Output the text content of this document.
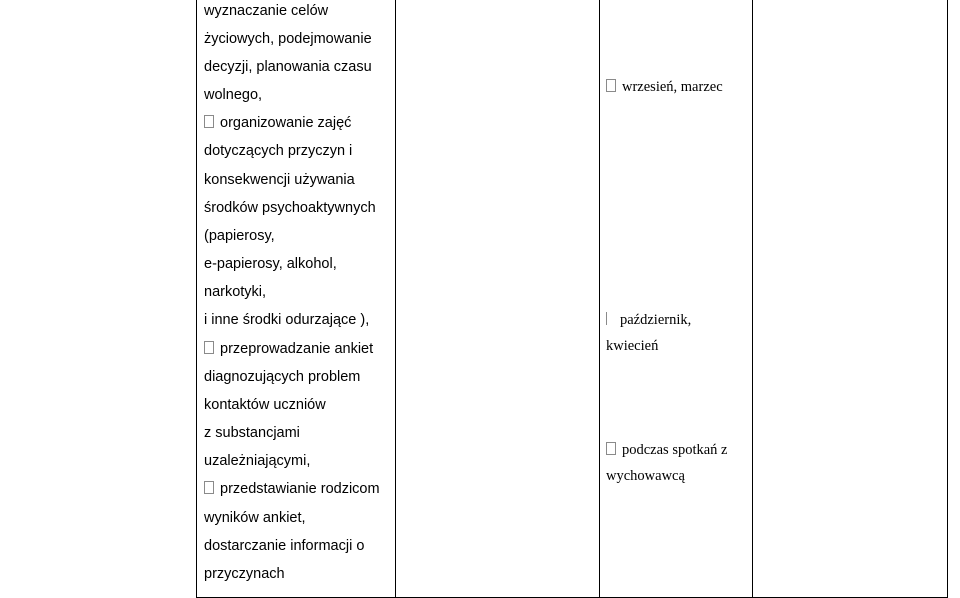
wyznaczanie celów
życiowych, podejmowanie
decyzji, planowania czasu
wolnego,
organizowanie zajęć
dotyczących przyczyn i
konsekwencji używania
środków psychoaktywnych
(papierosy,
e-papierosy, alkohol,
narkotyki,
i inne środki odurzające ),
przeprowadzanie ankiet
diagnozujących problem
kontaktów uczniów
z substancjami
uzależniającymi,
przedstawianie rodzicom
wyników ankiet,
dostarczanie informacji o
przyczynach
wrzesień, marzec
październik,
kwiecień
podczas spotkań z
wychowawcą
